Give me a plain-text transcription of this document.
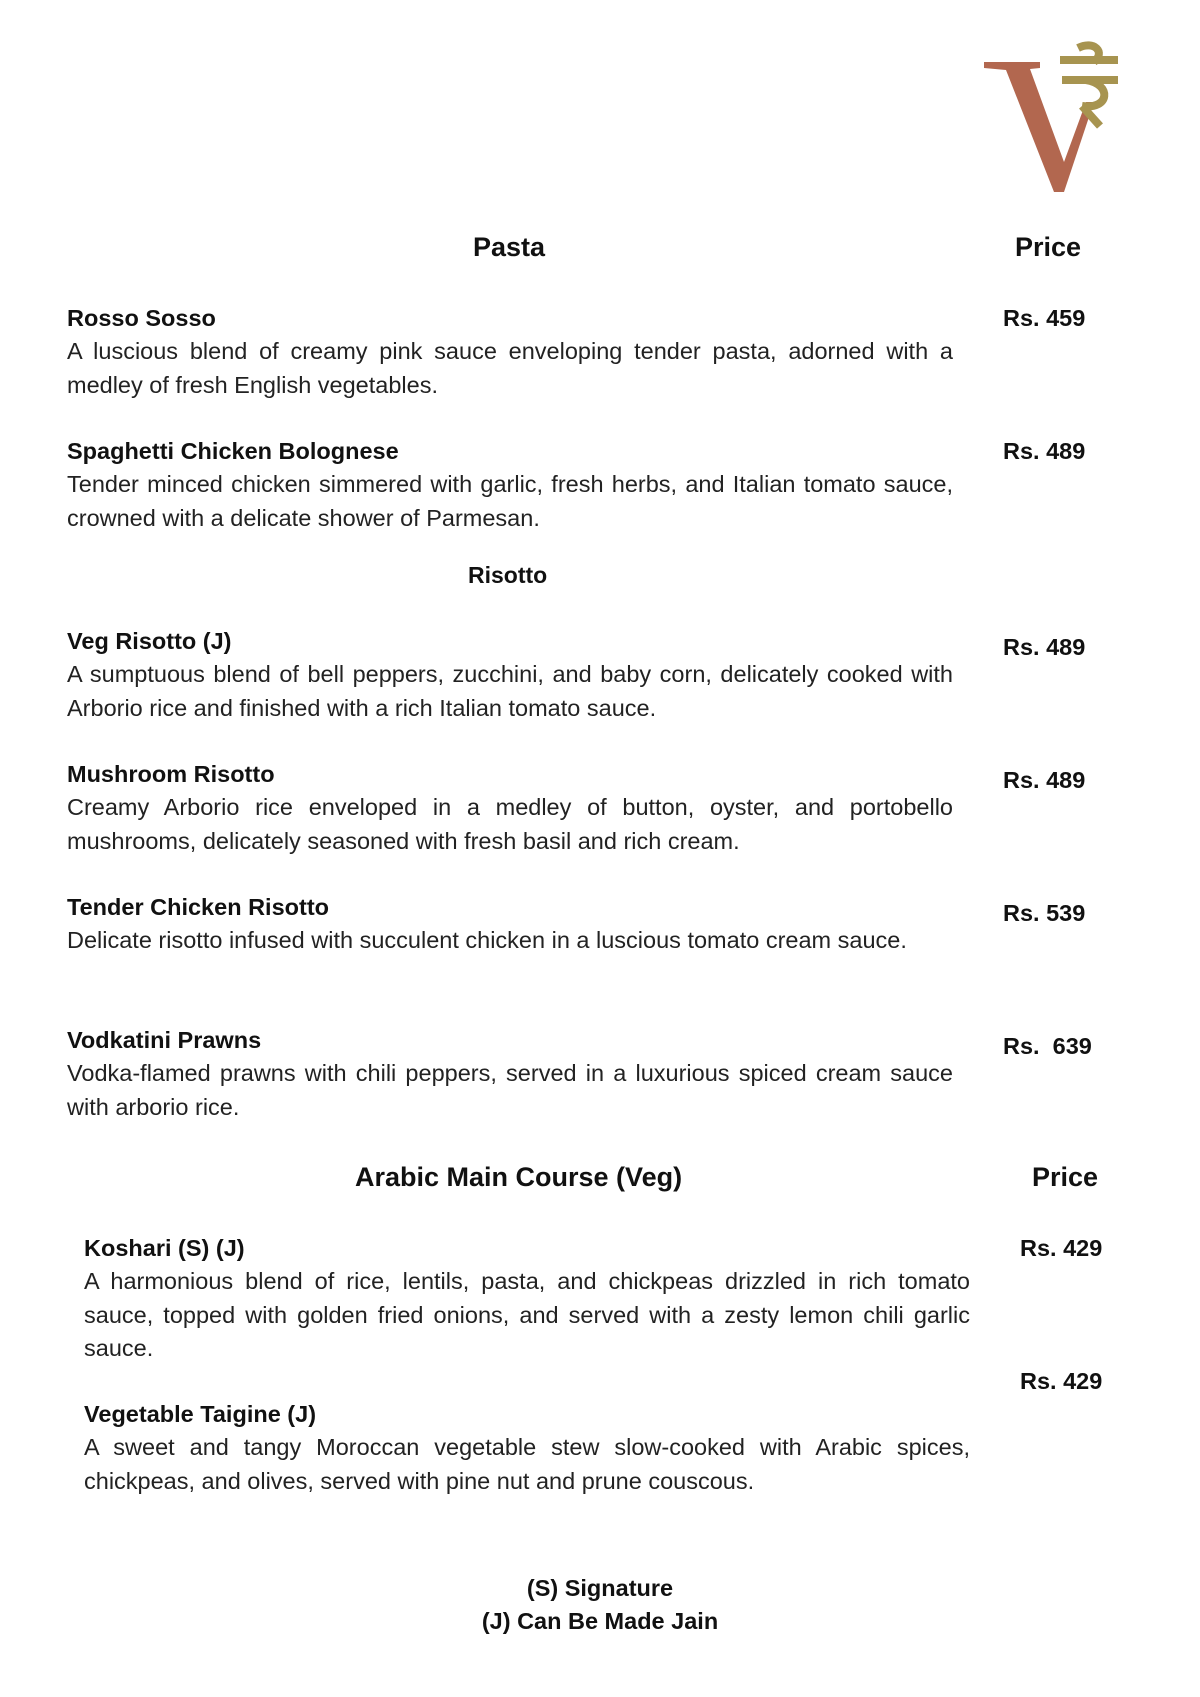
Pasta	Price
Rosso Sosso
A luscious blend of creamy pink sauce enveloping tender pasta, adorned with a medley of fresh English vegetables.
Rs. 459
Spaghetti Chicken Bolognese
Tender minced chicken simmered with garlic, fresh herbs, and Italian tomato sauce, crowned with a delicate shower of Parmesan.
Rs. 489
Risotto
Veg Risotto (J)
A sumptuous blend of bell peppers, zucchini, and baby corn, delicately cooked with Arborio rice and finished with a rich Italian tomato sauce.
Rs. 489
Mushroom Risotto
Creamy Arborio rice enveloped in a medley of button, oyster, and portobello mushrooms, delicately seasoned with fresh basil and rich cream.
Rs. 489
Tender Chicken Risotto
Delicate risotto infused with succulent chicken in a luscious tomato cream sauce.
Rs. 539
Vodkatini Prawns
Vodka-flamed prawns with chili peppers, served in a luxurious spiced cream sauce with arborio rice.
Rs.  639
Arabic Main Course (Veg)	Price
Koshari (S) (J)
A harmonious blend of rice, lentils, pasta, and chickpeas drizzled in rich tomato sauce, topped with golden fried onions, and served with a zesty lemon chili garlic sauce.
Rs. 429
Vegetable Taigine (J)
A sweet and tangy Moroccan vegetable stew slow-cooked with Arabic spices, chickpeas, and olives, served with pine nut and prune couscous.
Rs. 429
(S) Signature
(J) Can Be Made Jain
